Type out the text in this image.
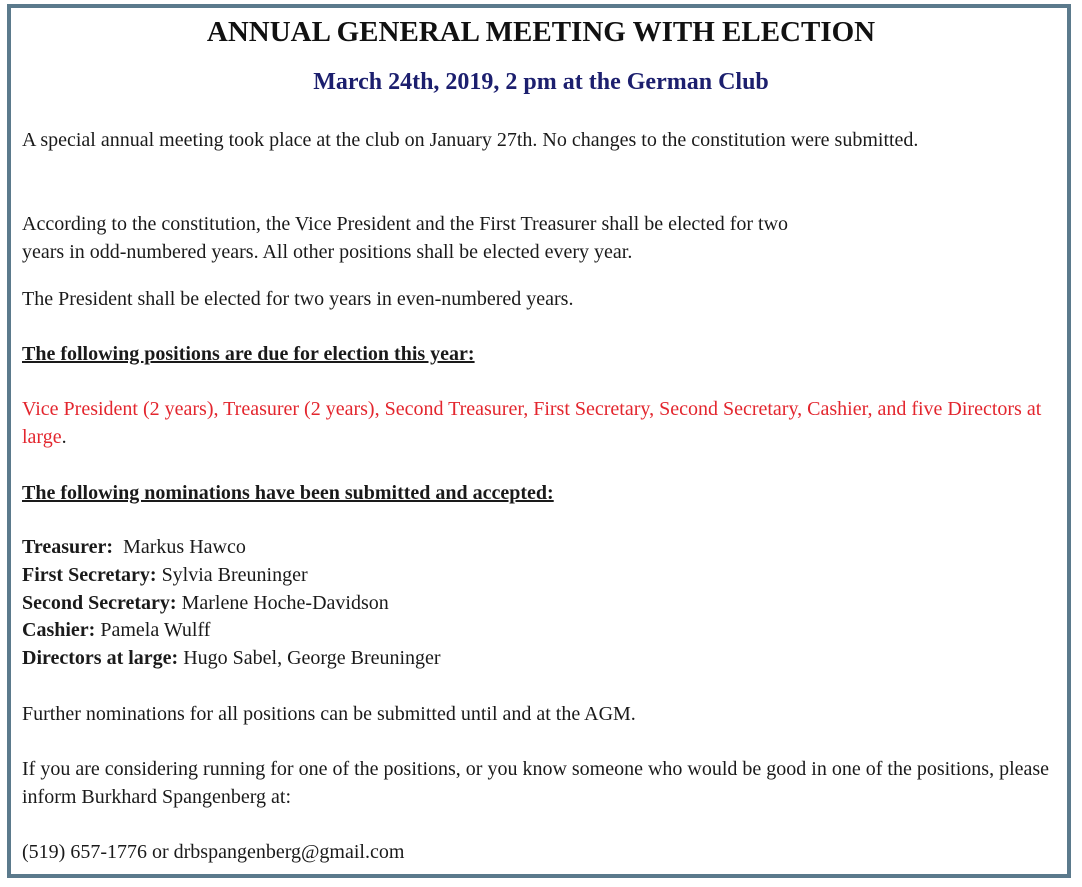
ANNUAL GENERAL MEETING WITH ELECTION
March 24th, 2019, 2 pm at the German Club

A special annual meeting took place at the club on January 27th. No changes to the constitution were submitted.

According to the constitution, the Vice President and the First Treasurer shall be elected for two
years in odd-numbered years. All other positions shall be elected every year.

The President shall be elected for two years in even-numbered years.

The following positions are due for election this year:

Vice President (2 years), Treasurer (2 years), Second Treasurer, First Secretary, Second Secretary, Cashier, and five Directors at large.

The following nominations have been submitted and accepted:
Treasurer: Markus Hawco
First Secretary: Sylvia Breuninger
Second Secretary: Marlene Hoche-Davidson
Cashier: Pamela Wulff
Directors at large: Hugo Sabel, George Breuninger

Further nominations for all positions can be submitted until and at the AGM.

If you are considering running for one of the positions, or you know someone who would be good in one of the positions, please inform Burkhard Spangenberg at:

(519) 657-1776 or drbspangenberg@gmail.com
